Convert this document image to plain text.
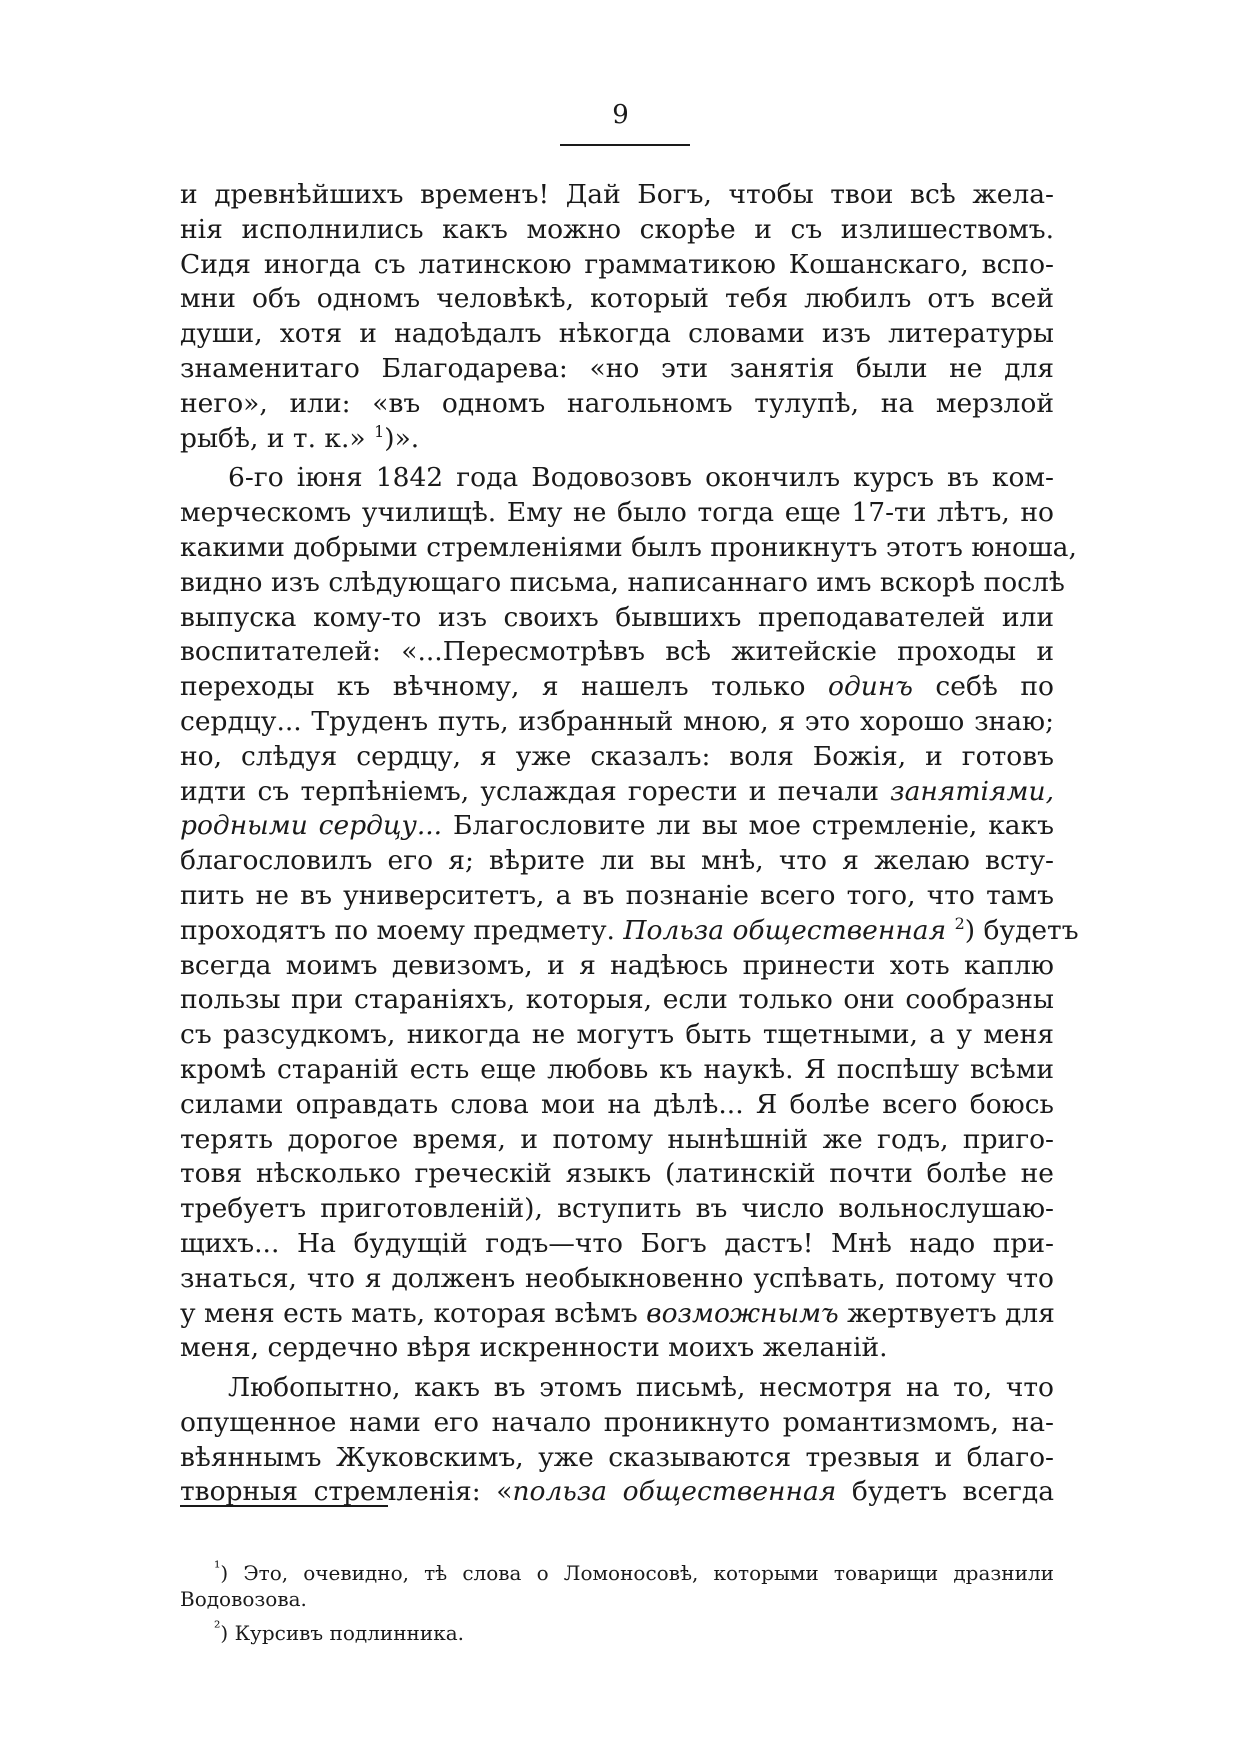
9
и древнѣйшихъ временъ! Дай Богъ, чтобы твои всѣ жела-
нія исполнились какъ можно скорѣе и съ излишествомъ.
Сидя иногда съ латинскою грамматикою Кошанскаго, вспо-
мни объ одномъ человѣкѣ, который тебя любилъ отъ всей
души, хотя и надоѣдалъ нѣкогда словами изъ литературы
знаменитаго Благодарева: «но эти занятія были не для
него», или: «въ одномъ нагольномъ тулупѣ, на мерзлой
рыбѣ, и т. к.» $^1$)».
6-го іюня 1842 года Водовозовъ окончилъ курсъ въ ком-
мерческомъ училищѣ. Ему не было тогда еще 17-ти лѣтъ, но
какими добрыми стремленіями былъ проникнутъ этотъ юноша,
видно изъ слѣдующаго письма, написаннаго имъ вскорѣ послѣ
выпуска кому-то изъ своихъ бывшихъ преподавателей или
воспитателей: «...Пересмотрѣвъ всѣ житейскіе проходы и
переходы къ вѣчному, я нашелъ только одинъ себѣ по
сердцу... Труденъ путь, избранный мною, я это хорошо знаю;
но, слѣдуя сердцу, я уже сказалъ: воля Божія, и готовъ
идти съ терпѣніемъ, услаждая горести и печали занятіями,
родными сердцу... Благословите ли вы мое стремленіе, какъ
благословилъ его я; вѣрите ли вы мнѣ, что я желаю всту-
пить не въ университетъ, а въ познаніе всего того, что тамъ
проходятъ по моему предмету. Польза общественная $^2$) будетъ
всегда моимъ девизомъ, и я надѣюсь принести хоть каплю
пользы при стараніяхъ, которыя, если только они сообразны
съ разсудкомъ, никогда не могутъ быть тщетными, а у меня
кромѣ стараній есть еще любовь къ наукѣ. Я поспѣшу всѣми
силами оправдать слова мои на дѣлѣ... Я болѣе всего боюсь
терять дорогое время, и потому нынѣшній же годъ, приго-
товя нѣсколько греческій языкъ (латинскій почти болѣе не
требуетъ приготовленій), вступить въ число вольнослушаю-
щихъ... На будущій годъ—что Богъ дастъ! Мнѣ надо при-
знаться, что я долженъ необыкновенно успѣвать, потому что
у меня есть мать, которая всѣмъ возможнымъ жертвуетъ для
меня, сердечно вѣря искренности моихъ желаній.
Любопытно, какъ въ этомъ письмѣ, несмотря на то, что
опущенное нами его начало проникнуто романтизмомъ, на-
вѣяннымъ Жуковскимъ, уже сказываются трезвыя и благо-
творныя стремленія: «польза общественная будетъ всегда
$^{^1}$) Это, очевидно, тѣ слова о Ломоносовѣ, которыми товарищи дразнили
Водовозова.
$^{^2}$) Курсивъ подлинника.
